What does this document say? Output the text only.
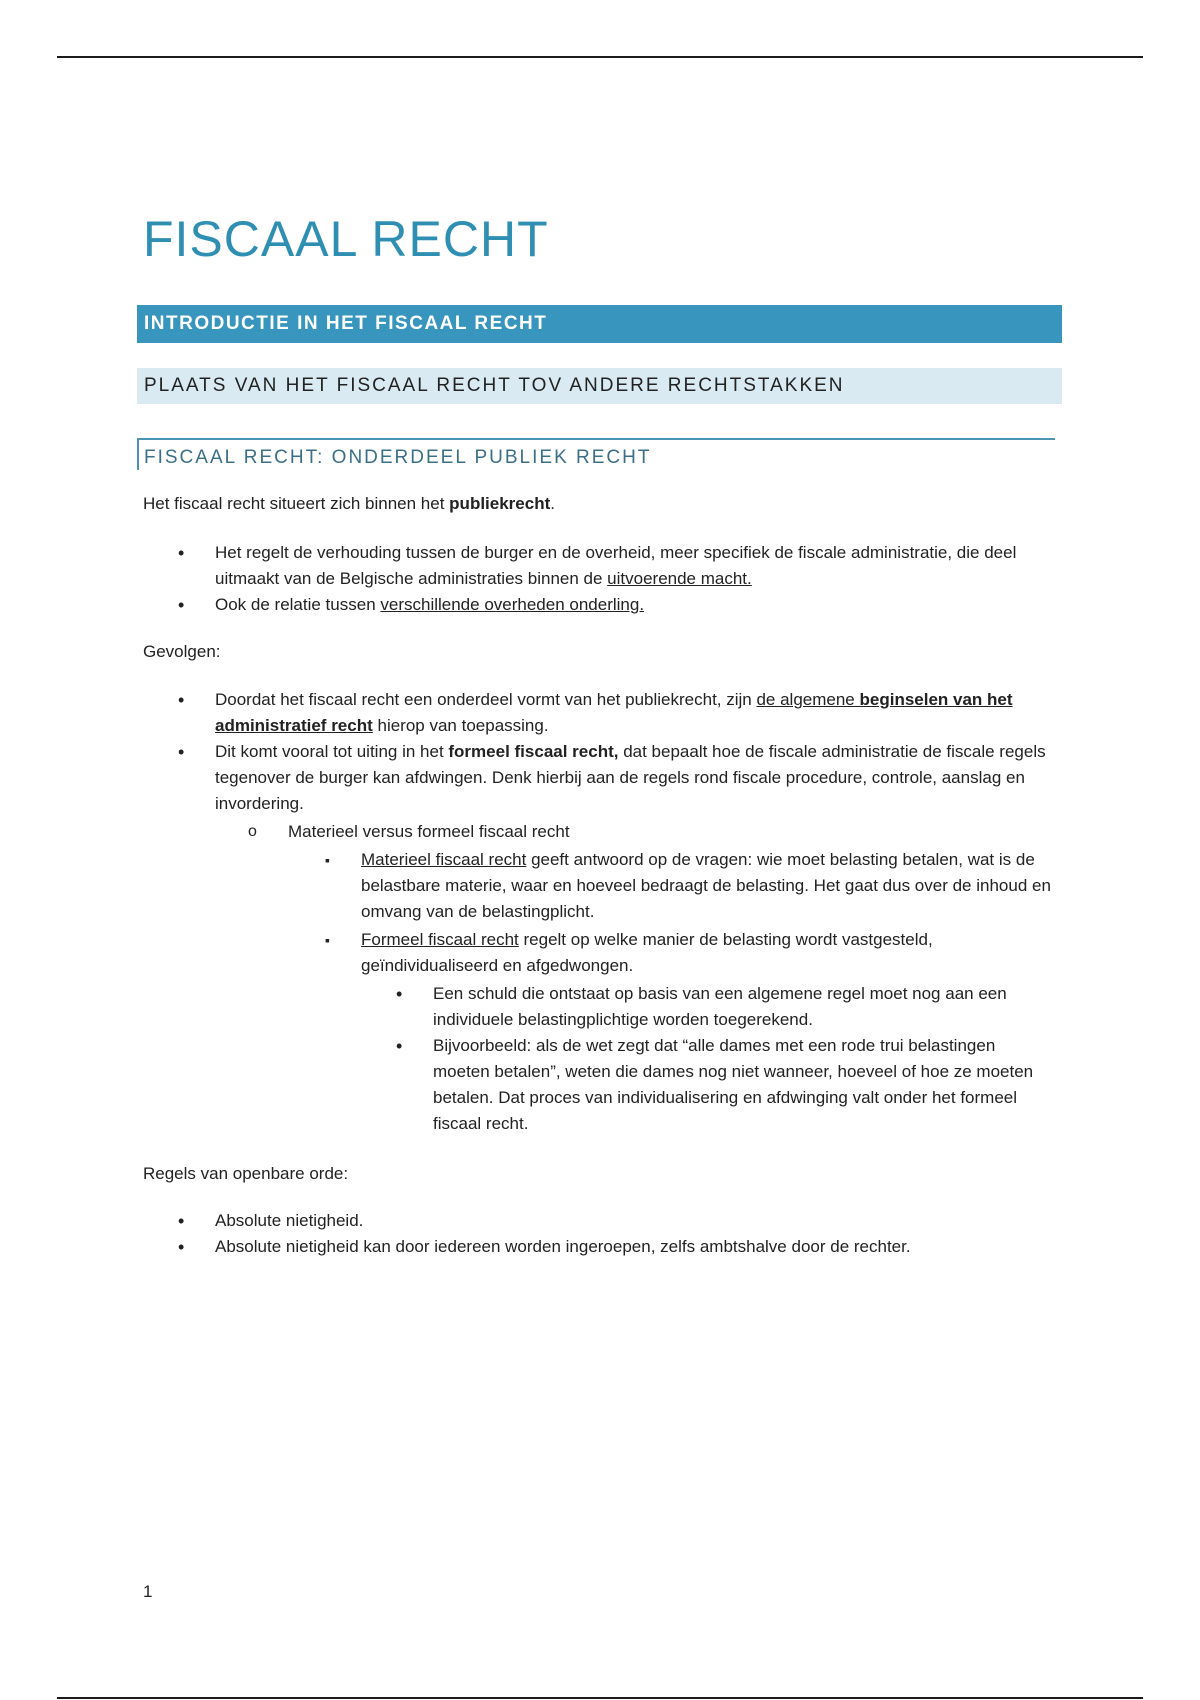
FISCAAL RECHT
INTRODUCTIE IN HET FISCAAL RECHT
PLAATS VAN HET FISCAAL RECHT TOV ANDERE RECHTSTAKKEN
FISCAAL RECHT: ONDERDEEL PUBLIEK RECHT

Het fiscaal recht situeert zich binnen het publiekrecht.

• Het regelt de verhouding tussen de burger en de overheid, meer specifiek de fiscale administratie, die deel uitmaakt van de Belgische administraties binnen de uitvoerende macht.
• Ook de relatie tussen verschillende overheden onderling.

Gevolgen:

• Doordat het fiscaal recht een onderdeel vormt van het publiekrecht, zijn de algemene beginselen van het administratief recht hierop van toepassing.
• Dit komt vooral tot uiting in het formeel fiscaal recht, dat bepaalt hoe de fiscale administratie de fiscale regels tegenover de burger kan afdwingen. Denk hierbij aan de regels rond fiscale procedure, controle, aanslag en invordering.
o Materieel versus formeel fiscaal recht
▪ Materieel fiscaal recht geeft antwoord op de vragen: wie moet belasting betalen, wat is de belastbare materie, waar en hoeveel bedraagt de belasting. Het gaat dus over de inhoud en omvang van de belastingplicht.
▪ Formeel fiscaal recht regelt op welke manier de belasting wordt vastgesteld, geïndividualiseerd en afgedwongen.
• Een schuld die ontstaat op basis van een algemene regel moet nog aan een individuele belastingplichtige worden toegerekend.
• Bijvoorbeeld: als de wet zegt dat “alle dames met een rode trui belastingen moeten betalen”, weten die dames nog niet wanneer, hoeveel of hoe ze moeten betalen. Dat proces van individualisering en afdwinging valt onder het formeel fiscaal recht.

Regels van openbare orde:

• Absolute nietigheid.
• Absolute nietigheid kan door iedereen worden ingeroepen, zelfs ambtshalve door de rechter.
1
